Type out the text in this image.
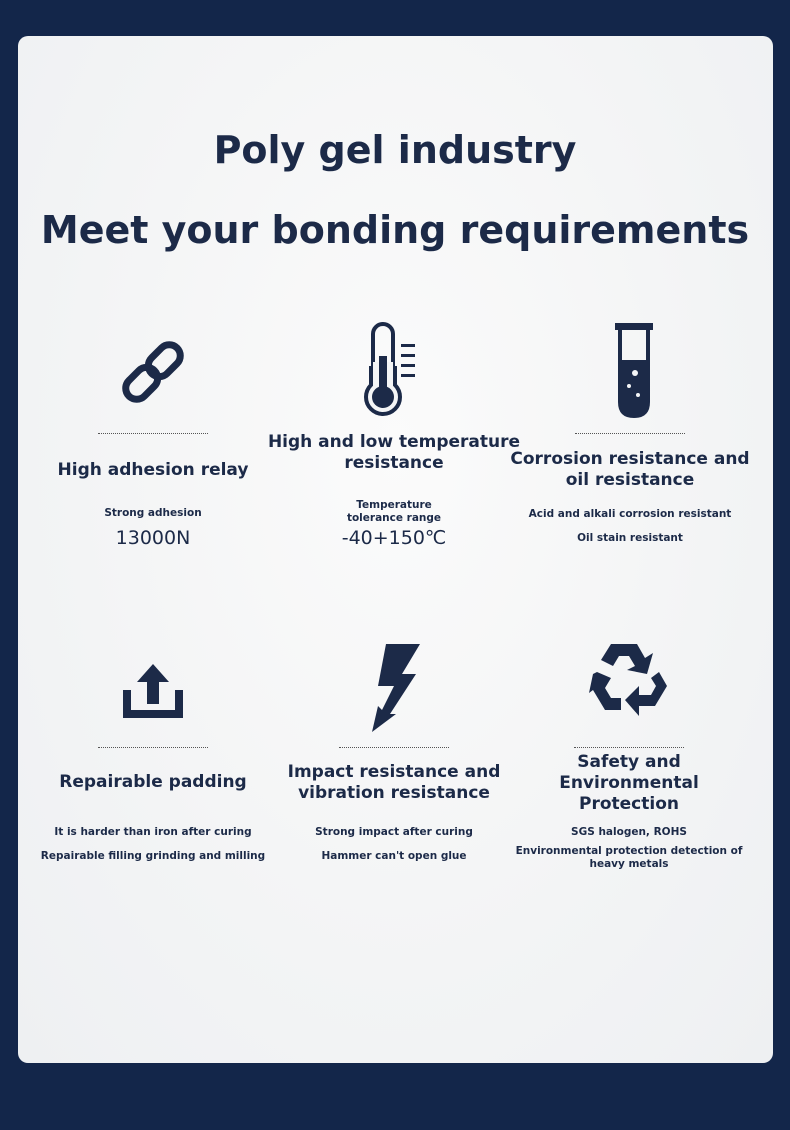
Poly gel industry
Meet your bonding requirements
High adhesion relay
Strong adhesion
13000N
High and low temperature resistance
Temperature tolerance range
-40+150℃
Corrosion resistance and oil resistance
Acid and alkali corrosion resistant
Oil stain resistant
Repairable padding
It is harder than iron after curing
Repairable filling grinding and milling
Impact resistance and vibration resistance
Strong impact after curing
Hammer can't open glue
Safety and Environmental Protection
SGS halogen, ROHS
Environmental protection detection of heavy metals
